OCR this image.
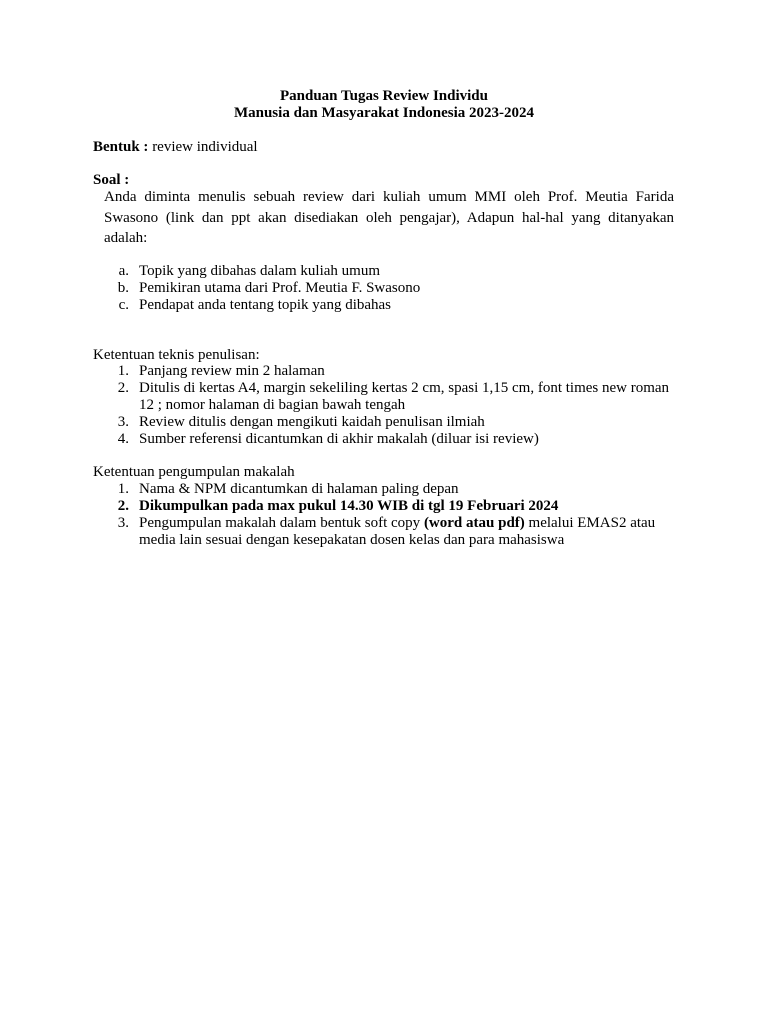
Panduan Tugas Review Individu
Manusia dan Masyarakat Indonesia 2023-2024
Bentuk : review individual
Soal :
Anda diminta menulis sebuah review dari kuliah umum MMI oleh Prof. Meutia Farida Swasono (link dan ppt akan disediakan oleh pengajar), Adapun hal-hal yang ditanyakan adalah:
a. Topik yang dibahas dalam kuliah umum
b. Pemikiran utama dari Prof. Meutia F. Swasono
c. Pendapat anda tentang topik yang dibahas
Ketentuan teknis penulisan:
1. Panjang review min 2 halaman
2. Ditulis di kertas A4, margin sekeliling kertas 2 cm, spasi 1,15 cm, font times new roman 12 ; nomor halaman di bagian bawah tengah
3. Review ditulis dengan mengikuti kaidah penulisan ilmiah
4. Sumber referensi dicantumkan di akhir makalah (diluar isi review)
Ketentuan pengumpulan makalah
1. Nama & NPM dicantumkan di halaman paling depan
2. Dikumpulkan pada max pukul 14.30 WIB di tgl 19 Februari 2024
3. Pengumpulan makalah dalam bentuk soft copy (word atau pdf) melalui EMAS2 atau media lain sesuai dengan kesepakatan dosen kelas dan para mahasiswa
